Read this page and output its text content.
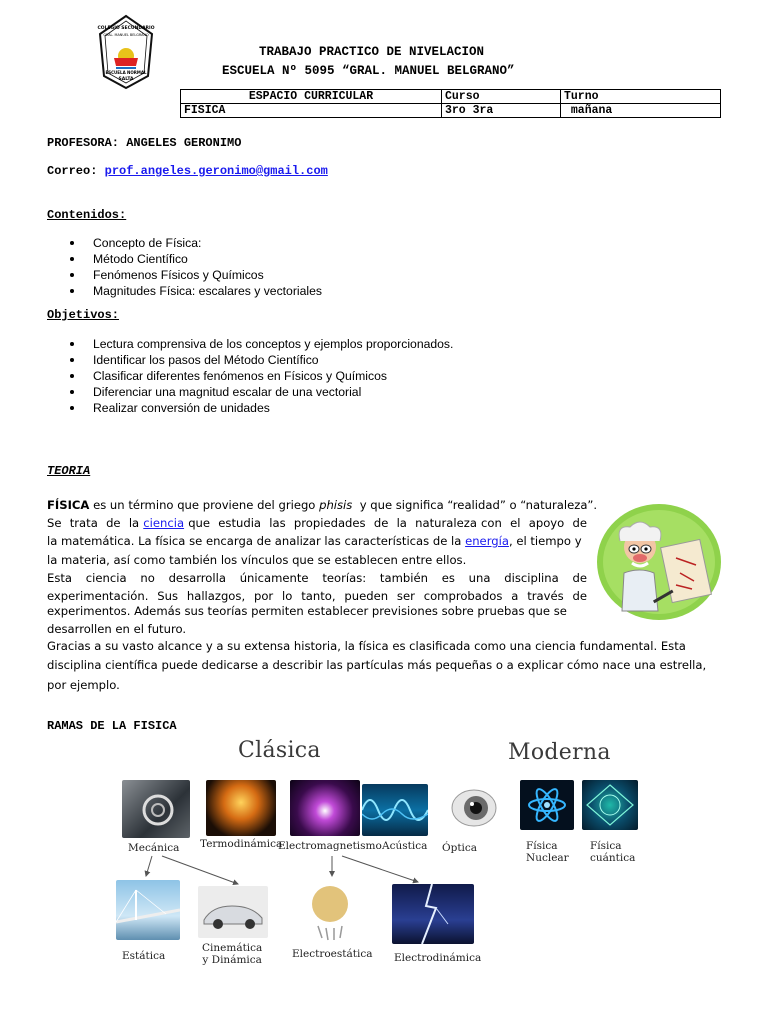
COLEGIO SECUNDARIO
GRAL. MANUEL BELGRANO
ESCUELA NORMAL
SALTA
TRABAJO PRACTICO DE NIVELACION
ESCUELA Nº 5095 “GRAL. MANUEL BELGRANO”
ESPACIO CURRICULAR	Curso	Turno
FISICA	3ro 3ra	mañana
PROFESORA: ANGELES GERONIMO
Correo: prof.angeles.geronimo@gmail.com
Contenidos:
Concepto de Física:
Método Científico
Fenómenos Físicos y Químicos
Magnitudes Física: escalares y vectoriales
Objetivos:
Lectura comprensiva de los conceptos y ejemplos proporcionados.
Identificar los pasos del Método Científico
Clasificar diferentes fenómenos en Físicos y Químicos
Diferenciar una magnitud escalar de una vectorial
Realizar conversión de unidades
TEORIA
FÍSICA es un término que proviene del griego phisis  y que significa “realidad” o “naturaleza”.
Se  trata  de  la ciencia que  estudia  las  propiedades  de  la  naturaleza con  el  apoyo  de
la matemática. La física se encarga de analizar las características de la energía, el tiempo y
la materia, así como también los vínculos que se establecen entre ellos.
Esta  ciencia  no  desarrolla  únicamente  teorías:  también  es  una  disciplina  de
experimentación.  Sus  hallazgos,  por  lo  tanto,  pueden  ser  comprobados  a  través  de
experimentos. Además sus teorías permiten establecer previsiones sobre pruebas que se
desarrollen en el futuro.
Gracias a su vasto alcance y a su extensa historia, la física es clasificada como una ciencia fundamental. Esta
disciplina científica puede dedicarse a describir las partículas más pequeñas o a explicar cómo nace una estrella,
por ejemplo.
RAMAS DE LA FISICA
Clásica	Moderna
Mecánica Termodinámica
Electromagnetismo Acústica Óptica	Física
Nuclear
Física
cuántica
Estática
Cinemática
y Dinámica	Electroestática Electrodinámica
